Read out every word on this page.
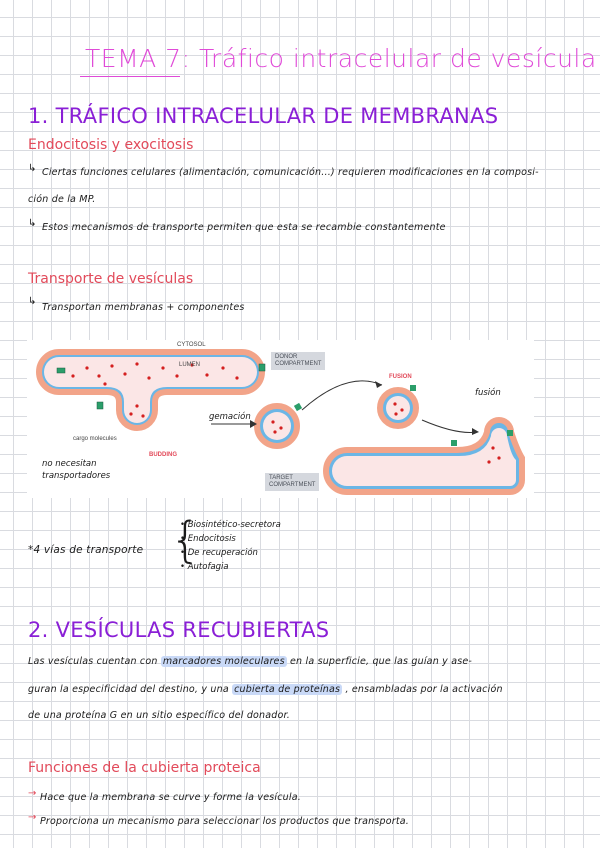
TEMA 7: Tráfico intracelular de vesícula
1. TRÁFICO INTRACELULAR DE MEMBRANAS
Endocitosis y exocitosis
↳ Ciertas funciones celulares (alimentación, comunicación...) requieren modificaciones en la composi-
ción de la MP.
↳ Estos mecanismos de transporte permiten que esta se recambie constantemente
Transporte de vesículas
↳
Transportan membranas + componentes
CYTOSOL
LUMEN
DONOR
COMPARTMENT
FUSION
BUDDING
cargo molecules
TARGET
COMPARTMENT
gemación
fusión
no necesitan
transportadores
*4 vías de transporte {
• Biosintético-secretora
• Endocitosis
• De recuperación
• Autofagia
2. VESÍCULAS RECUBIERTAS
Las vesículas cuentan con marcadores moleculares en la superficie, que las guían y ase-
guran la especificidad del destino, y una cubierta de proteínas , ensambladas por la activación
de una proteína G en un sitio específico del donador.
Funciones de la cubierta proteica
→ Hace que la membrana se curve y forme la vesícula.
→ Proporciona un mecanismo para seleccionar los productos que transporta.
